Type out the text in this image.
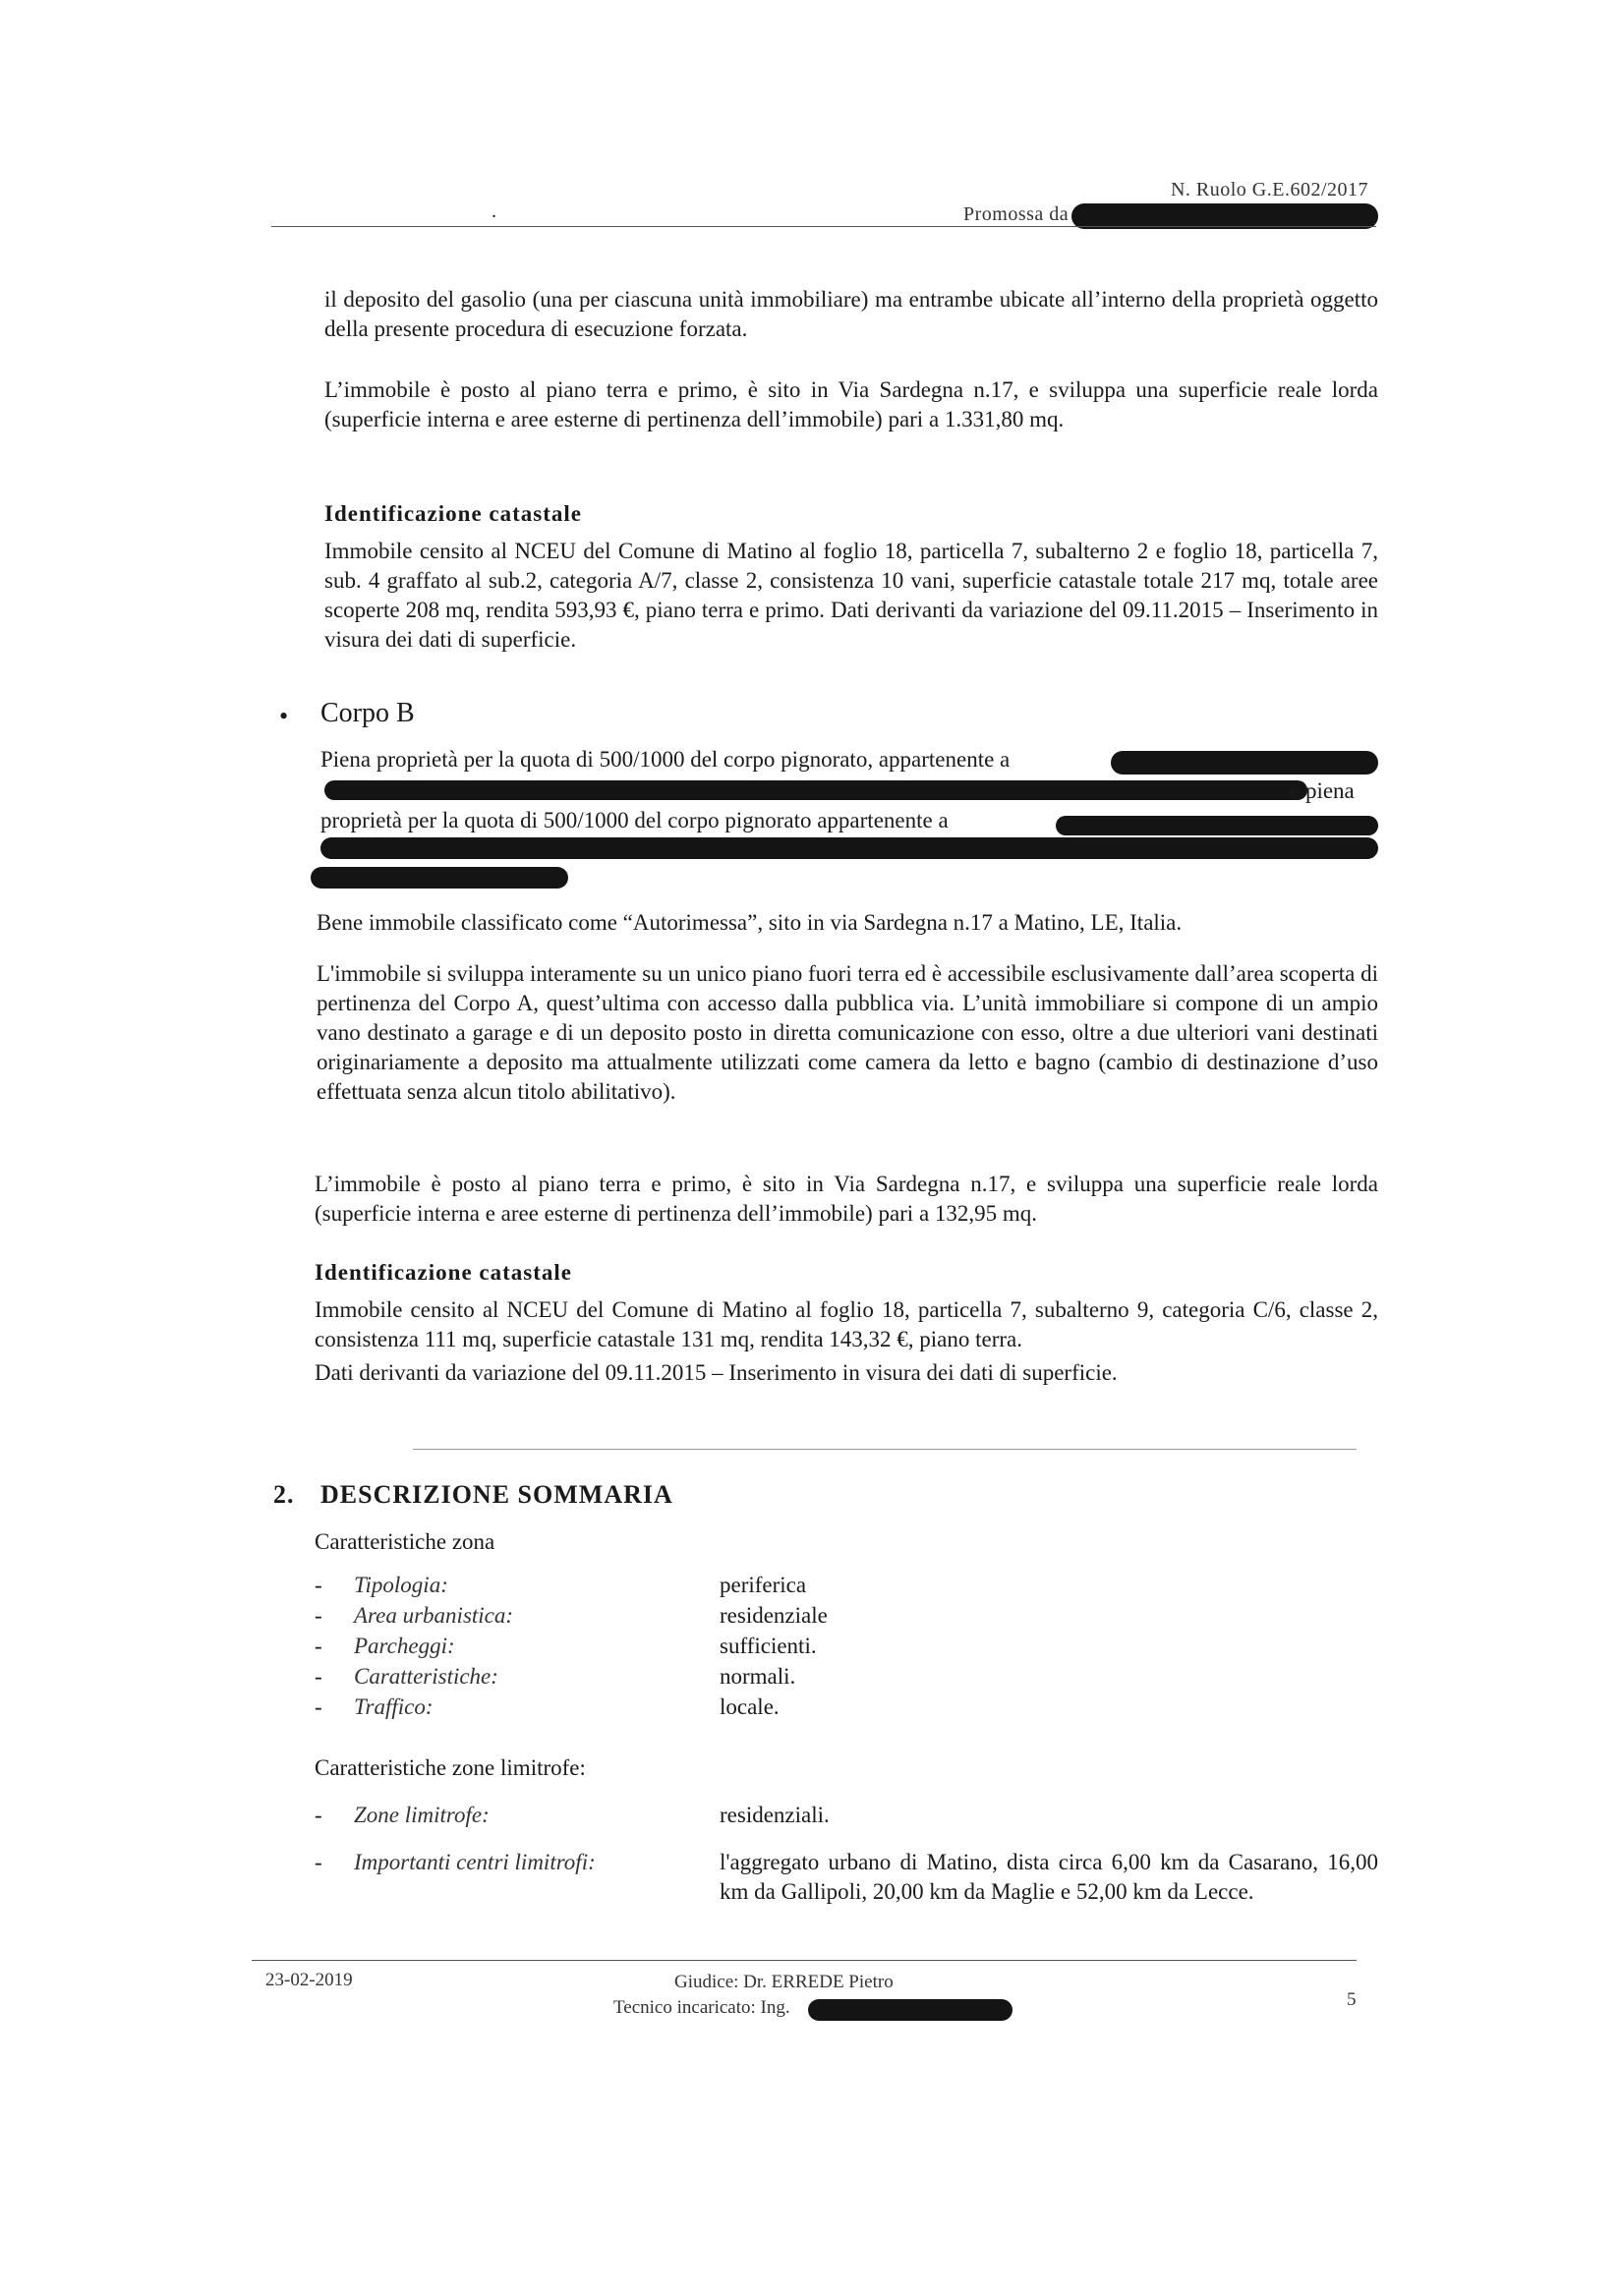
N. Ruolo G.E.602/2017
Promossa da
.
il deposito del gasolio (una per ciascuna unità immobiliare) ma entrambe ubicate all’interno della proprietà oggetto della presente procedura di esecuzione forzata.
L’immobile è posto al piano terra e primo, è sito in Via Sardegna n.17, e sviluppa una superficie reale lorda (superficie interna e aree esterne di pertinenza dell’immobile) pari a 1.331,80 mq.
Identificazione catastale
Immobile censito al NCEU del Comune di Matino al foglio 18, particella 7, subalterno 2 e foglio 18, particella 7, sub. 4 graffato al sub.2, categoria A/7, classe 2, consistenza 10 vani, superficie catastale totale 217 mq, totale aree scoperte 208 mq, rendita 593,93 €, piano terra e primo. Dati derivanti da variazione del 09.11.2015 – Inserimento in visura dei dati di superficie.
• Corpo B
Piena proprietà per la quota di 500/1000 del corpo pignorato, appartenente a
e piena
proprietà per la quota di 500/1000 del corpo pignorato appartenente a
Bene immobile classificato come “Autorimessa”, sito in via Sardegna n.17 a Matino, LE, Italia.
L'immobile si sviluppa interamente su un unico piano fuori terra ed è accessibile esclusivamente dall’area scoperta di pertinenza del Corpo A, quest’ultima con accesso dalla pubblica via. L’unità immobiliare si compone di un ampio vano destinato a garage e di un deposito posto in diretta comunicazione con esso, oltre a due ulteriori vani destinati originariamente a deposito ma attualmente utilizzati come camera da letto e bagno (cambio di destinazione d’uso effettuata senza alcun titolo abilitativo).
L’immobile è posto al piano terra e primo, è sito in Via Sardegna n.17, e sviluppa una superficie reale lorda (superficie interna e aree esterne di pertinenza dell’immobile) pari a 132,95 mq.
Identificazione catastale
Immobile censito al NCEU del Comune di Matino al foglio 18, particella 7, subalterno 9, categoria C/6, classe 2, consistenza 111 mq, superficie catastale 131 mq, rendita 143,32 €, piano terra.
Dati derivanti da variazione del 09.11.2015 – Inserimento in visura dei dati di superficie.
2. DESCRIZIONE SOMMARIA
Caratteristiche zona
- Tipologia:	periferica
- Area urbanistica:	residenziale
- Parcheggi:	sufficienti.
- Caratteristiche:	normali.
- Traffico:	locale.
Caratteristiche zone limitrofe:
- Zone limitrofe:	residenziali.
- Importanti centri limitrofi:	l'aggregato urbano di Matino, dista circa 6,00 km da Casarano, 16,00 km da Gallipoli, 20,00 km da Maglie e 52,00 km da Lecce.
23-02-2019	Giudice: Dr. ERREDE Pietro
Tecnico incaricato: Ing.	5
